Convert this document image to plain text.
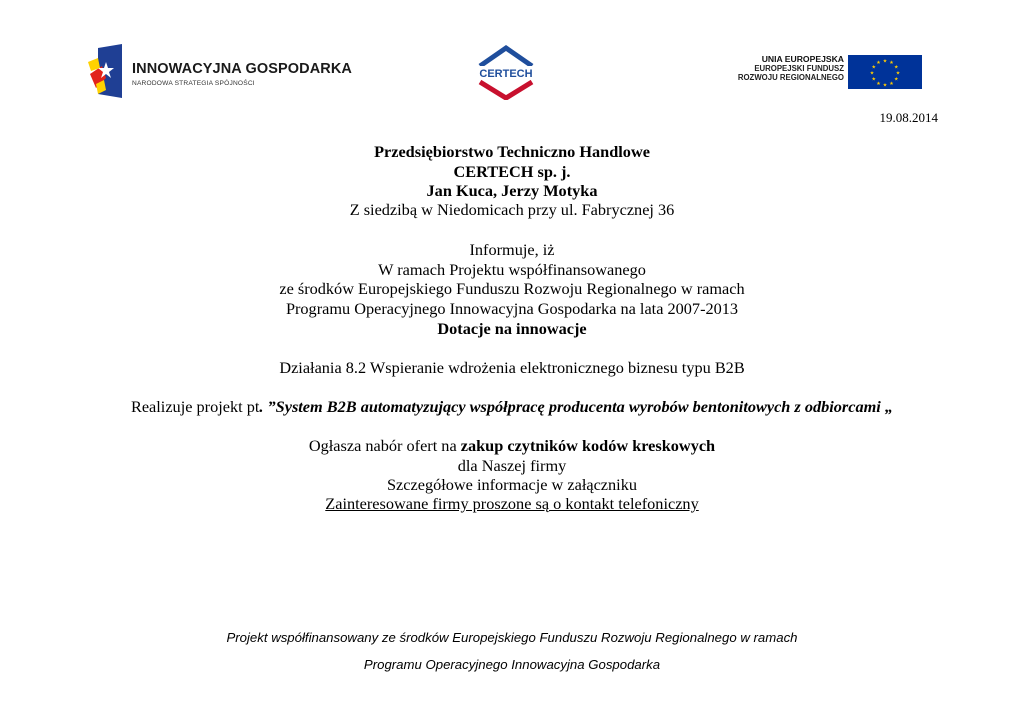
INNOWACYJNA GOSPODARKA
NARODOWA STRATEGIA SPÓJNOŚCI
CERTECH
UNIA EUROPEJSKA
EUROPEJSKI FUNDUSZ
ROZWOJU REGIONALNEGO
★ ★
★
★
★
★
★
★
★
★
★
★
19.08.2014
Przedsiębiorstwo Techniczno Handlowe
CERTECH sp. j.
Jan Kuca, Jerzy Motyka
Z siedzibą w Niedomicach przy ul. Fabrycznej 36
Informuje, iż
W ramach Projektu współfinansowanego
ze środków Europejskiego Funduszu Rozwoju Regionalnego w ramach
Programu Operacyjnego Innowacyjna Gospodarka na lata 2007-2013
Dotacje na innowacje
Działania 8.2 Wspieranie wdrożenia elektronicznego biznesu typu B2B
Realizuje projekt pt. ”System B2B automatyzujący współpracę producenta wyrobów bentonitowych z odbiorcami „
Ogłasza nabór ofert na zakup czytników kodów kreskowych
dla Naszej firmy
Szczegółowe informacje w załączniku
Zainteresowane firmy proszone są o kontakt telefoniczny
Projekt współfinansowany ze środków Europejskiego Funduszu Rozwoju Regionalnego w ramach
Programu Operacyjnego Innowacyjna Gospodarka
